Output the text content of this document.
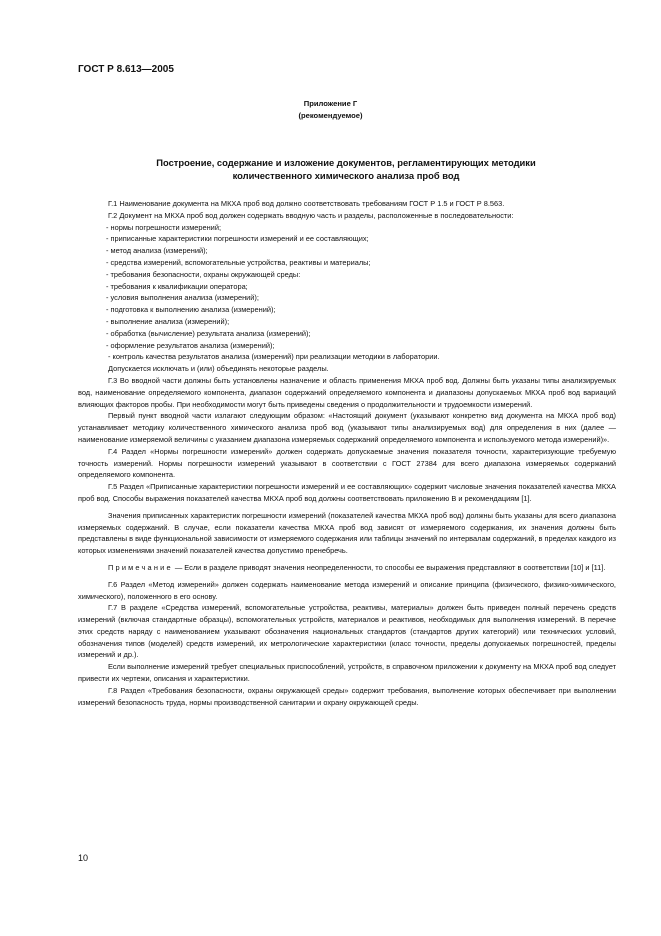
ГОСТ Р 8.613—2005
Приложение Г
(рекомендуемое)
Построение, содержание и изложение документов, регламентирующих методики
количественного химического анализа проб вод

Г.1 Наименование документа на МКХА проб вод должно соответствовать требованиям ГОСТ Р 1.5 и ГОСТ Р 8.563.

Г.2 Документ на МКХА проб вод должен содержать вводную часть и разделы, расположенные в последовательности:

- нормы погрешности измерений;

- приписанные характеристики погрешности измерений и ее составляющих;

- метод анализа (измерений);

- средства измерений, вспомогательные устройства, реактивы и материалы;

- требования безопасности, охраны окружающей среды:

- требования к квалификации оператора;

- условия выполнения анализа (измерений);

- подготовка к выполнению анализа (измерений);

- выполнение анализа (измерений);

- обработка (вычисление) результата анализа (измерений);

- оформление результатов анализа (измерений);

- контроль качества результатов анализа (измерений) при реализации методики в лаборатории.

Допускается исключать и (или) объединять некоторые разделы.

Г.3 Во вводной части должны быть установлены назначение и область применения МКХА проб вод. Должны быть указаны типы анализируемых вод, наименование определяемого компонента, диапазон содержаний определяемого компонента и диапазоны допускаемых МКХА проб вод вариаций влияющих факторов пробы. При необходимости могут быть приведены сведения о продолжительности и трудоемкости измерений.

Первый пункт вводной части излагают следующим образом: «Настоящий документ (указывают конкретно вид документа на МКХА проб вод) устанавливает методику количественного химического анализа проб вод (указывают типы анализируемых вод) для определения в них (далее — наименование измеряемой величины с указанием диапазона измеряемых содержаний определяемого компонента и используемого метода измерений)».

Г.4 Раздел «Нормы погрешности измерений» должен содержать допускаемые значения показателя точности, характеризующие требуемую точность измерений. Нормы погрешности измерений указывают в соответствии с ГОСТ 27384 для всего диапазона измеряемых содержаний определяемого компонента.

Г.5 Раздел «Приписанные характеристики погрешности измерений и ее составляющих» содержит числовые значения показателей качества МКХА проб вод. Способы выражения показателей качества МКХА проб вод должны соответствовать приложению В и рекомендациям [1].

Значения приписанных характеристик погрешности измерений (показателей качества МКХА проб вод) должны быть указаны для всего диапазона измеряемых содержаний. В случае, если показатели качества МКХА проб вод зависят от измеряемого содержания, их значения должны быть представлены в виде функциональной зависимости от измеряемого содержания или таблицы значений по интервалам содержаний, в пределах каждого из которых изменениями значений показателей качества допустимо пренебречь.

Примечание — Если в разделе приводят значения неопределенности, то способы ее выражения представляют в соответствии [10] и [11].

Г.6 Раздел «Метод измерений» должен содержать наименование метода измерений и описание принципа (физического, физико-химического, химического), положенного в его основу.

Г.7 В разделе «Средства измерений, вспомогательные устройства, реактивы, материалы» должен быть приведен полный перечень средств измерений (включая стандартные образцы), вспомогательных устройств, материалов и реактивов, необходимых для выполнения измерений. В перечне этих средств наряду с наименованием указывают обозначения национальных стандартов (стандартов других категорий) или технических условий, обозначения типов (моделей) средств измерений, их метрологические характеристики (класс точности, пределы допускаемых погрешностей, пределы измерений и др.).

Если выполнение измерений требует специальных приспособлений, устройств, в справочном приложении к документу на МКХА проб вод следует привести их чертежи, описания и характеристики.

Г.8 Раздел «Требования безопасности, охраны окружающей среды» содержит требования, выполнение которых обеспечивает при выполнении измерений безопасность труда, нормы производственной санитарии и охрану окружающей среды.

10
